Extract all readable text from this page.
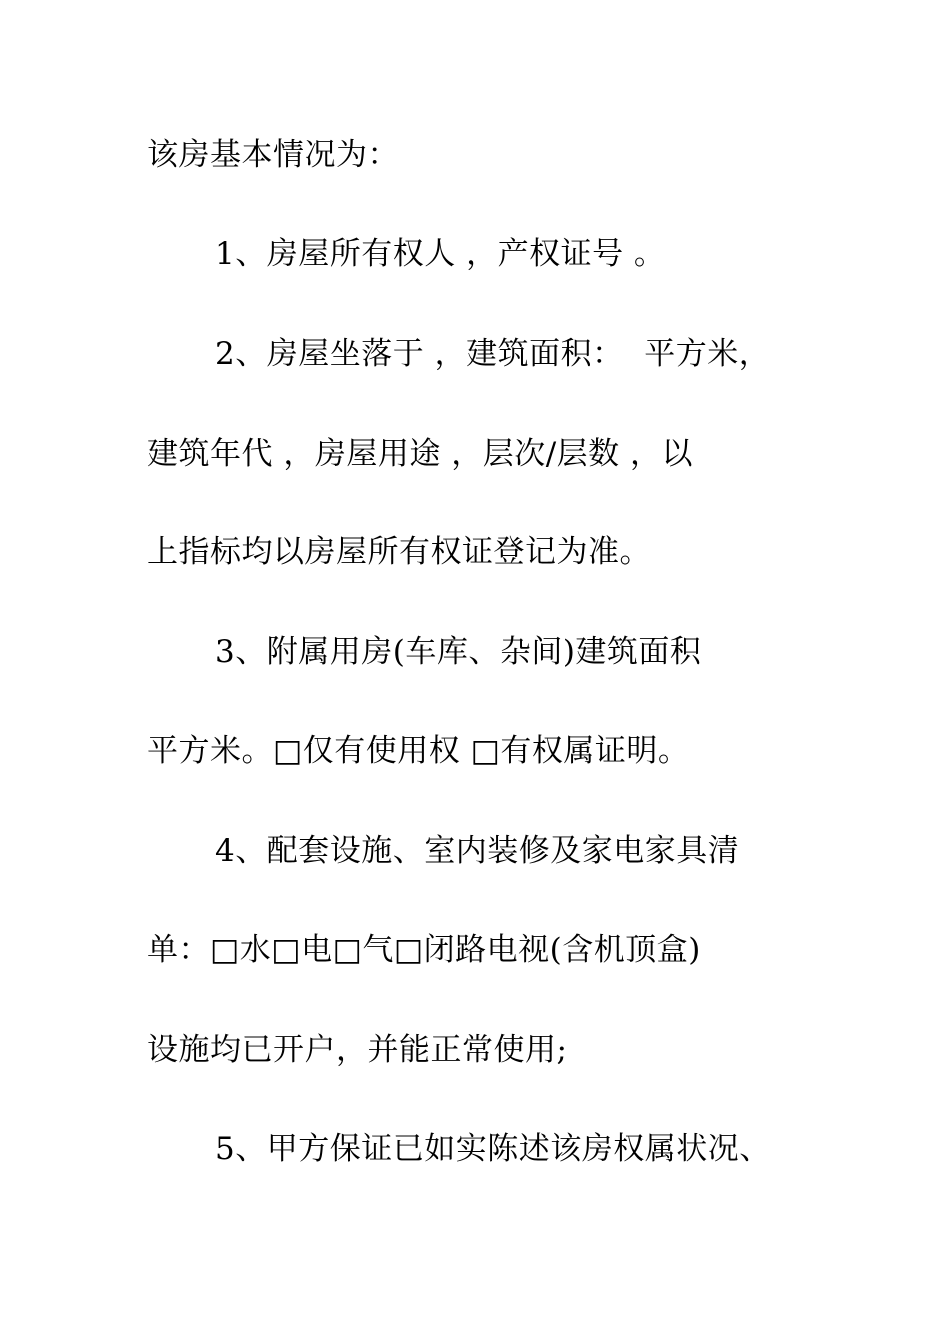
该房基本情况为：

1、房屋所有权人 ，产权证号 。

2、房屋坐落于 ，建筑面积：  平方米，

建筑年代 ，房屋用途 ，层次/层数 ，以

上指标均以房屋所有权证登记为准。

3、附属用房(车库、杂间)建筑面积

平方米。□仅有使用权 □有权属证明。

4、配套设施、室内装修及家电家具清

单：□水□电□气□闭路电视(含机顶盒)

设施均已开户，并能正常使用;

5、甲方保证已如实陈述该房权属状况、
